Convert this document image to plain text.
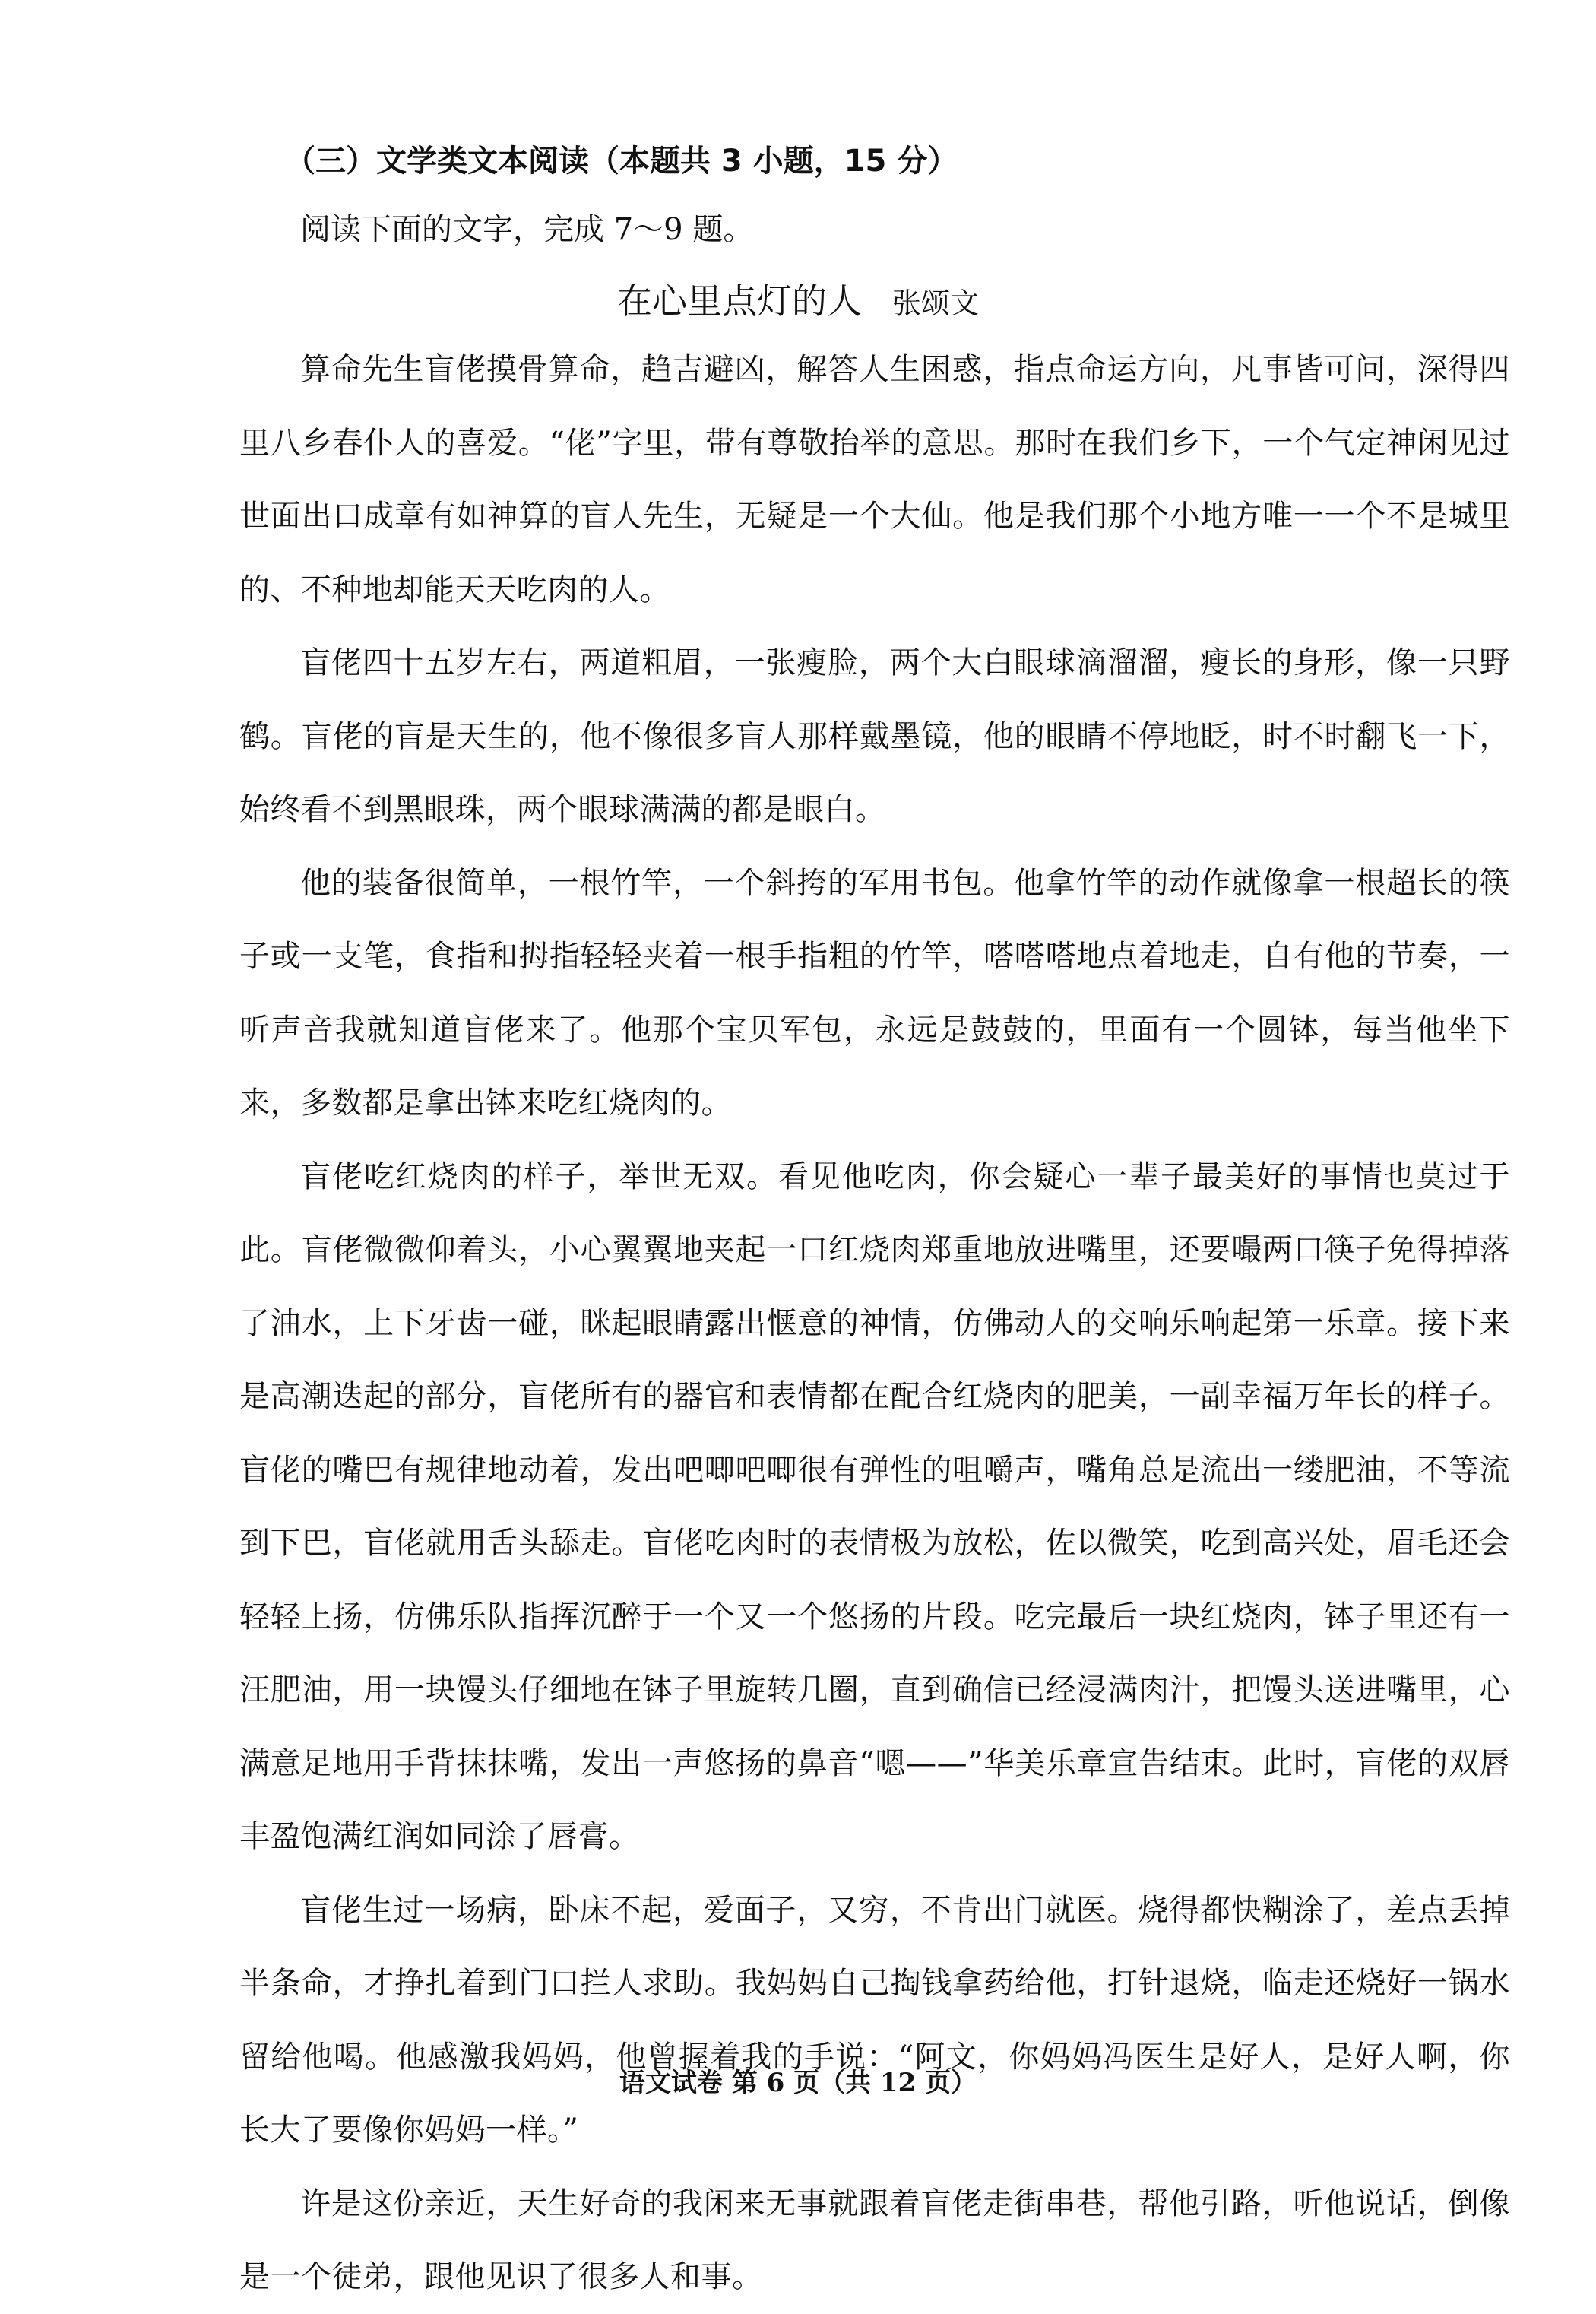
（三）文学类文本阅读（本题共 3 小题，15 分）
阅读下面的文字，完成 7～9 题。
在心里点灯的人 张颂文

算命先生盲佬摸骨算命，趋吉避凶，解答人生困惑，指点命运方向，凡事皆可问，深得四里八乡春仆人的喜爱。“佬”字里，带有尊敬抬举的意思。那时在我们乡下，一个气定神闲见过世面出口成章有如神算的盲人先生，无疑是一个大仙。他是我们那个小地方唯一一个不是城里的、不种地却能天天吃肉的人。

盲佬四十五岁左右，两道粗眉，一张瘦脸，两个大白眼球滴溜溜，瘦长的身形，像一只野鹤。盲佬的盲是天生的，他不像很多盲人那样戴墨镜，他的眼睛不停地眨，时不时翻飞一下，始终看不到黑眼珠，两个眼球满满的都是眼白。

他的装备很简单，一根竹竿，一个斜挎的军用书包。他拿竹竿的动作就像拿一根超长的筷子或一支笔，食指和拇指轻轻夹着一根手指粗的竹竿，嗒嗒嗒地点着地走，自有他的节奏，一听声音我就知道盲佬来了。他那个宝贝军包，永远是鼓鼓的，里面有一个圆钵，每当他坐下来，多数都是拿出钵来吃红烧肉的。

盲佬吃红烧肉的样子，举世无双。看见他吃肉，你会疑心一辈子最美好的事情也莫过于此。盲佬微微仰着头，小心翼翼地夹起一口红烧肉郑重地放进嘴里，还要嘬两口筷子免得掉落了油水，上下牙齿一碰，眯起眼睛露出惬意的神情，仿佛动人的交响乐响起第一乐章。接下来是高潮迭起的部分，盲佬所有的器官和表情都在配合红烧肉的肥美，一副幸福万年长的样子。盲佬的嘴巴有规律地动着，发出吧唧吧唧很有弹性的咀嚼声，嘴角总是流出一缕肥油，不等流到下巴，盲佬就用舌头舔走。盲佬吃肉时的表情极为放松，佐以微笑，吃到高兴处，眉毛还会轻轻上扬，仿佛乐队指挥沉醉于一个又一个悠扬的片段。吃完最后一块红烧肉，钵子里还有一汪肥油，用一块馒头仔细地在钵子里旋转几圈，直到确信已经浸满肉汁，把馒头送进嘴里，心满意足地用手背抹抹嘴，发出一声悠扬的鼻音“嗯——”华美乐章宣告结束。此时，盲佬的双唇丰盈饱满红润如同涂了唇膏。

盲佬生过一场病，卧床不起，爱面子，又穷，不肯出门就医。烧得都快糊涂了，差点丢掉半条命，才挣扎着到门口拦人求助。我妈妈自己掏钱拿药给他，打针退烧，临走还烧好一锅水留给他喝。他感激我妈妈，他曾握着我的手说：“阿文，你妈妈冯医生是好人，是好人啊，你长大了要像你妈妈一样。”

许是这份亲近，天生好奇的我闲来无事就跟着盲佬走街串巷，帮他引路，听他说话，倒像是一个徒弟，跟他见识了很多人和事。

语文试卷 第 6 页（共 12 页）
